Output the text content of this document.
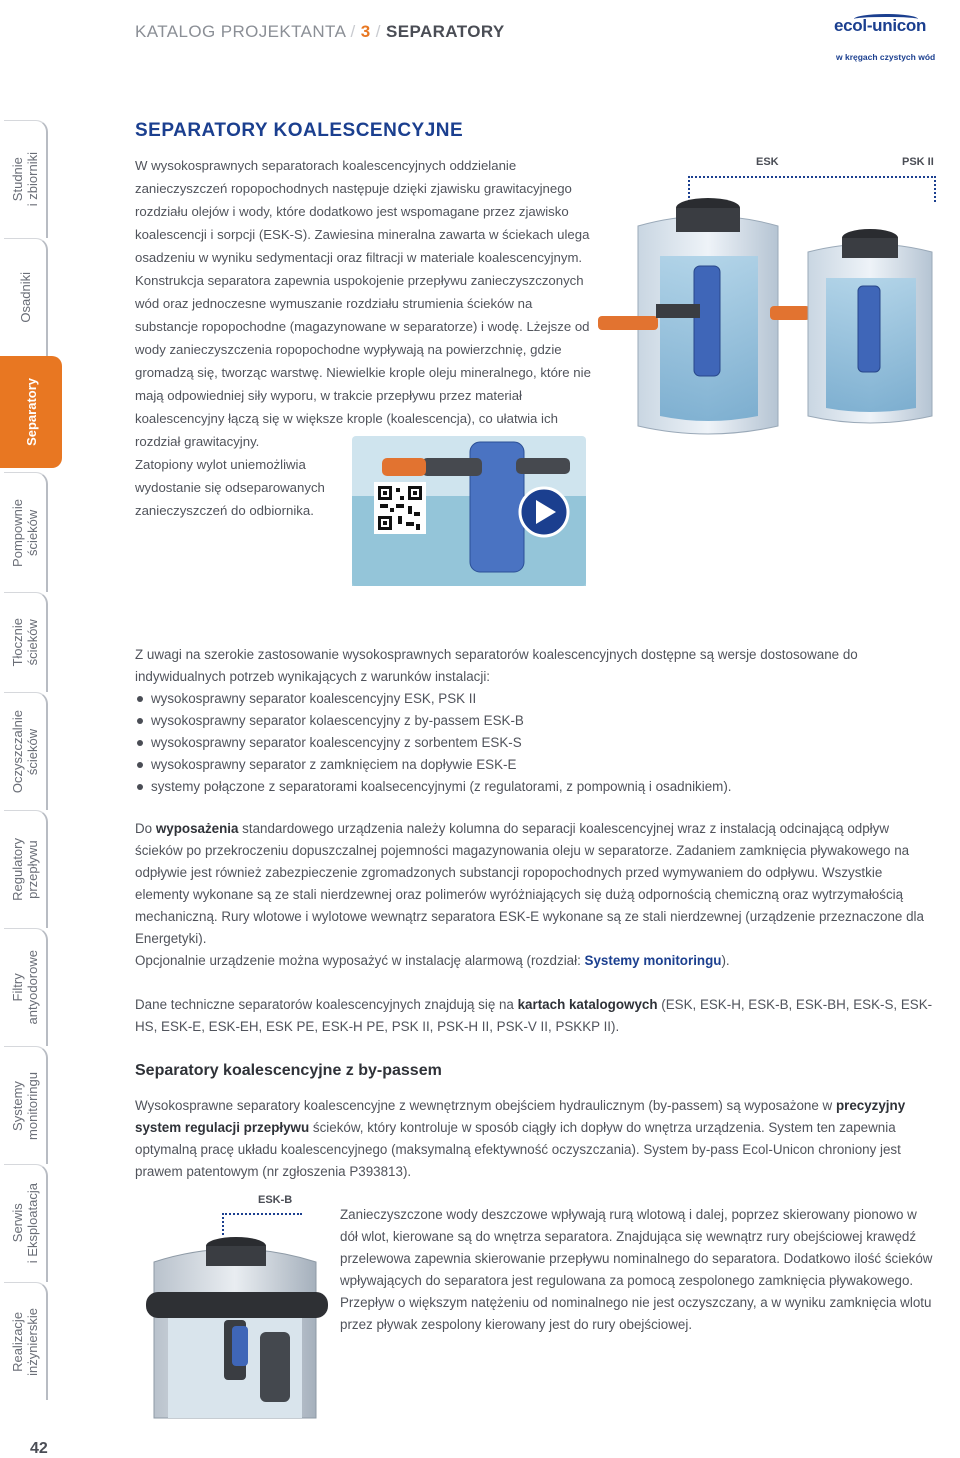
KATALOG PROJEKTANTA / 3 / SEPARATORY	ecol-unicon
w kręgach czystych wód
Studnie
i zbiorniki
Osadniki
Separatory
Pompownie
ścieków
Tłocznie
ścieków
Oczyszczalnie
ścieków
Regulatory
przepływu
Filtry
antyodorowe
Systemy
monitoringu
Serwis
i Eksploatacja
Realizacje
inżynierskie
42
SEPARATORY KOALESCENCYJNE
W wysokosprawnych separatorach koalescencyjnych oddzielanie zanieczyszczeń ropopochodnych następuje dzięki zjawisku grawitacyjnego rozdziału olejów i wody, które dodatkowo jest wspomagane przez zjawisko koalescencji i sorpcji (ESK-S). Zawiesina mineralna zawarta w ściekach ulega osadzeniu w wyniku sedymentacji oraz filtracji w materiale koalescencyjnym. Konstrukcja separatora zapewnia uspokojenie przepływu zanieczyszczonych wód oraz jednoczesne wymuszanie rozdziału strumienia ścieków na substancje ropopochodne (magazynowane w separatorze) i wodę. Lżejsze od wody zanieczyszczenia ropopochodne wypływają na powierzchnię, gdzie gromadzą się, tworząc warstwę. Niewielkie krople oleju mineralnego, które nie mają odpowiedniej siły wyporu, w trakcie przepływu przez materiał koalescencyjny łączą się w większe krople (koalescencja), co ułatwia ich rozdział grawitacyjny.
Zatopiony wylot uniemożliwia wydostanie się odseparowanych zanieczyszczeń do odbiornika.
ESK	PSK II
Z uwagi na szerokie zastosowanie wysokosprawnych separatorów koalescencyjnych dostępne są wersje dostosowane do indywidualnych potrzeb wynikających z warunków instalacji:
wysokosprawny separator koalescencyjny ESK, PSK II
wysokosprawny separator kolaescencyjny z by-passem ESK-B
wysokosprawny separator koalescencyjny z sorbentem ESK-S
wysokosprawny separator z zamknięciem na dopływie ESK-E
systemy połączone z separatorami koalsecencyjnymi (z regulatorami, z pompownią i osadnikiem).
Do wyposażenia standardowego urządzenia należy kolumna do separacji koalescencyjnej wraz z instalacją odcinającą odpływ ścieków po przekroczeniu dopuszczalnej pojemności magazynowania oleju w separatorze. Zadaniem zamknięcia pływakowego na odpływie jest również zabezpieczenie zgromadzonych substancji ropopochodnych przed wymywaniem do odpływu. Wszystkie elementy wykonane są ze stali nierdzewnej oraz polimerów wyróżniających się dużą odpornością chemiczną oraz wytrzymałością mechaniczną. Rury wlotowe i wylotowe wewnątrz separatora ESK-E wykonane są ze stali nierdzewnej (urządzenie przeznaczone dla Energetyki).
Opcjonalnie urządzenie można wyposażyć w instalację alarmową (rozdział: Systemy monitoringu).
Dane techniczne separatorów koalescencyjnych znajdują się na kartach katalogowych (ESK, ESK-H, ESK-B, ESK-BH, ESK-S, ESK-HS, ESK-E, ESK-EH, ESK PE, ESK-H PE, PSK II, PSK-H II, PSK-V II, PSKKP II).
Separatory koalescencyjne z by-passem
Wysokosprawne separatory koalescencyjne z wewnętrznym obejściem hydraulicznym (by-passem) są wyposażone w precyzyjny system regulacji przepływu ścieków, który kontroluje w sposób ciągły ich dopływ do wnętrza urządzenia. System ten zapewnia optymalną pracę układu koalescencyjnego (maksymalną efektywność oczyszczania). System by-pass Ecol-Unicon chroniony jest prawem patentowym (nr zgłoszenia P393813).
ESK-B
Zanieczyszczone wody deszczowe wpływają rurą wlotową i dalej, poprzez skierowany pionowo w dół wlot, kierowane są do wnętrza separatora. Znajdująca się wewnątrz rury obejściowej krawędź przelewowa zapewnia skierowanie przepływu nominalnego do separatora. Dodatkowo ilość ścieków wpływających do separatora jest regulowana za pomocą zespolonego zamknięcia pływakowego. Przepływ o większym natężeniu od nominalnego nie jest oczyszczany, a w wyniku zamknięcia wlotu przez pływak zespolony kierowany jest do rury obejściowej.
